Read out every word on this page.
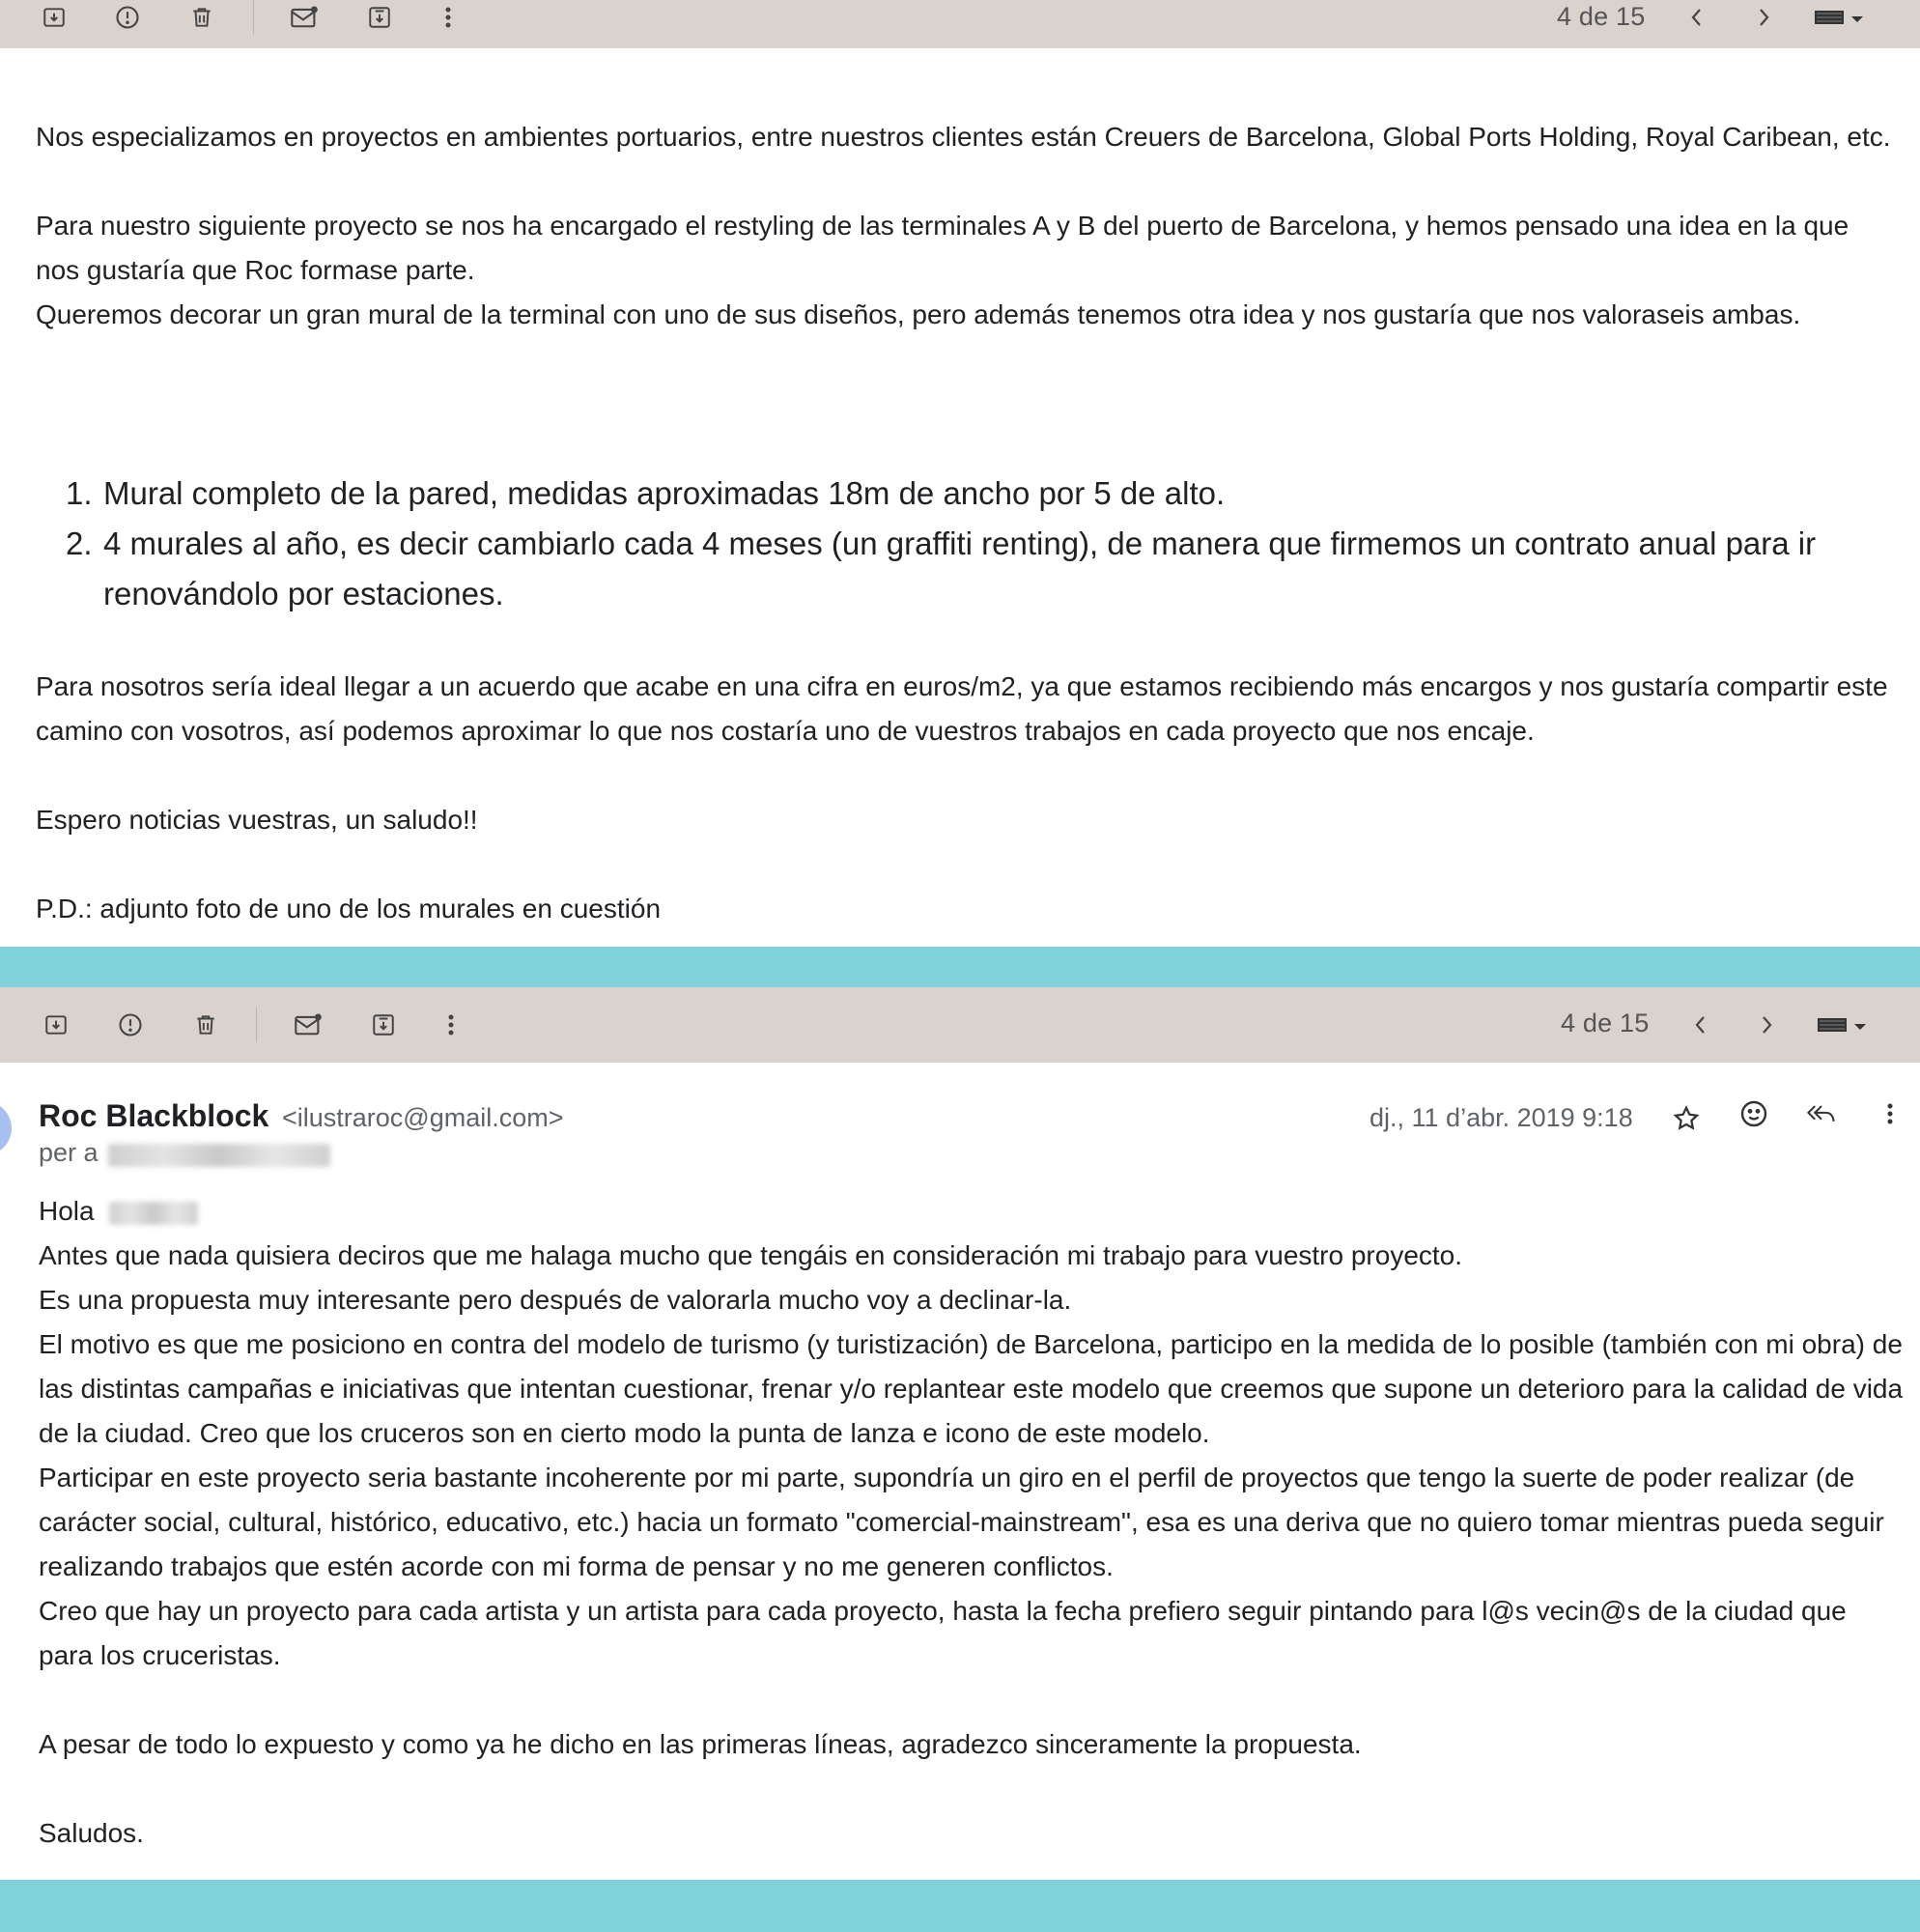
4 de 15

Nos especializamos en proyectos en ambientes portuarios, entre nuestros clientes están Creuers de Barcelona, Global Ports Holding, Royal Caribean, etc.

Para nuestro siguiente proyecto se nos ha encargado el restyling de las terminales A y B del puerto de Barcelona, y hemos pensado una idea en la que nos gustaría que Roc formase parte.

Queremos decorar un gran mural de la terminal con uno de sus diseños, pero además tenemos otra idea y nos gustaría que nos valoraseis ambas.

1. Mural completo de la pared, medidas aproximadas 18m de ancho por 5 de alto.
2. 4 murales al año, es decir cambiarlo cada 4 meses (un graffiti renting), de manera que firmemos un contrato anual para ir renovándolo por estaciones.

Para nosotros sería ideal llegar a un acuerdo que acabe en una cifra en euros/m2, ya que estamos recibiendo más encargos y nos gustaría compartir este camino con vosotros, así podemos aproximar lo que nos costaría uno de vuestros trabajos en cada proyecto que nos encaje.

Espero noticias vuestras, un saludo!!

P.D.: adjunto foto de uno de los murales en cuestión

4 de 15
Roc Blackblock <ilustraroc@gmail.com>
per a
dj., 11 d’abr. 2019 9:18

Hola

Antes que nada quisiera deciros que me halaga mucho que tengáis en consideración mi trabajo para vuestro proyecto.

Es una propuesta muy interesante pero después de valorarla mucho voy a declinar-la.

El motivo es que me posiciono en contra del modelo de turismo (y turistización) de Barcelona, participo en la medida de lo posible (también con mi obra) de las distintas campañas e iniciativas que intentan cuestionar, frenar y/o replantear este modelo que creemos que supone un deterioro para la calidad de vida de la ciudad. Creo que los cruceros son en cierto modo la punta de lanza e icono de este modelo.

Participar en este proyecto seria bastante incoherente por mi parte, supondría un giro en el perfil de proyectos que tengo la suerte de poder realizar (de carácter social, cultural, histórico, educativo, etc.) hacia un formato "comercial-mainstream", esa es una deriva que no quiero tomar mientras pueda seguir realizando trabajos que estén acorde con mi forma de pensar y no me generen conflictos.

Creo que hay un proyecto para cada artista y un artista para cada proyecto, hasta la fecha prefiero seguir pintando para l@s vecin@s de la ciudad que para los cruceristas.

A pesar de todo lo expuesto y como ya he dicho en las primeras líneas, agradezco sinceramente la propuesta.

Saludos.
